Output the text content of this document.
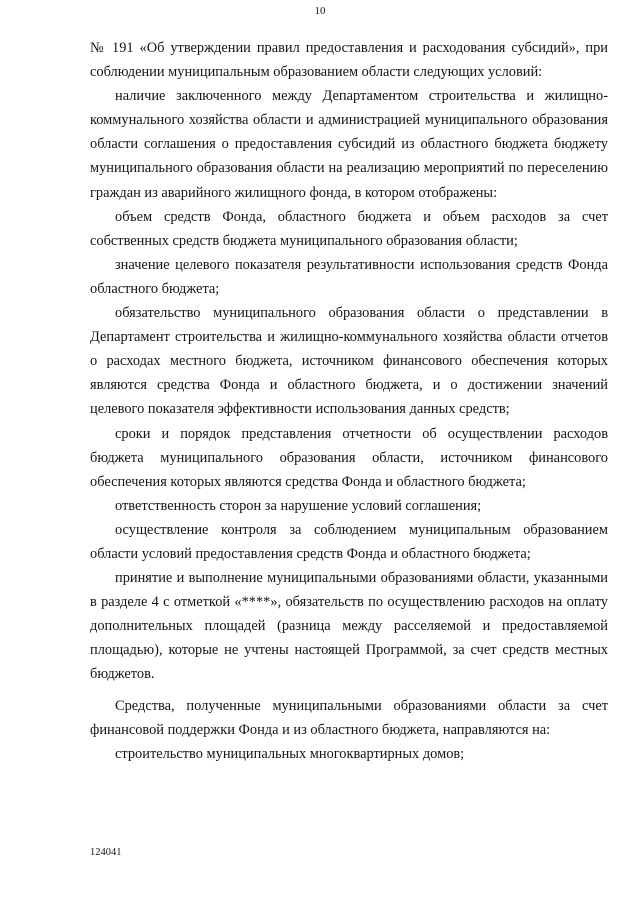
10

№ 191 «Об утверждении правил предоставления и расходования субсидий», при соблюдении муниципальным образованием области следующих условий:

наличие заключенного между Департаментом строительства и жилищно-коммунального хозяйства области и администрацией муниципального образования области соглашения о предоставления субсидий из областного бюджета бюджету муниципального образования области на реализацию мероприятий по переселению граждан из аварийного жилищного фонда, в котором отображены:

объем средств Фонда, областного бюджета и объем расходов за счет собственных средств бюджета муниципального образования области;

значение целевого показателя результативности использования средств Фонда областного бюджета;

обязательство муниципального образования области о представлении в Департамент строительства и жилищно-коммунального хозяйства области отчетов о расходах местного бюджета, источником финансового обеспечения которых являются средства Фонда и областного бюджета, и о достижении значений целевого показателя эффективности использования данных средств;

сроки и порядок представления отчетности об осуществлении расходов бюджета муниципального образования области, источником финансового обеспечения которых являются средства Фонда и областного бюджета;

ответственность сторон за нарушение условий соглашения;

осуществление контроля за соблюдением муниципальным образованием области условий предоставления средств Фонда и областного бюджета;

принятие и выполнение муниципальными образованиями области, указанными в разделе 4 с отметкой «****», обязательств по осуществлению расходов на оплату дополнительных площадей (разница между расселяемой и предоставляемой площадью), которые не учтены настоящей Программой, за счет средств местных бюджетов.

Средства, полученные муниципальными образованиями области за счет финансовой поддержки Фонда и из областного бюджета, направляются на:

строительство муниципальных многоквартирных домов;

124041
